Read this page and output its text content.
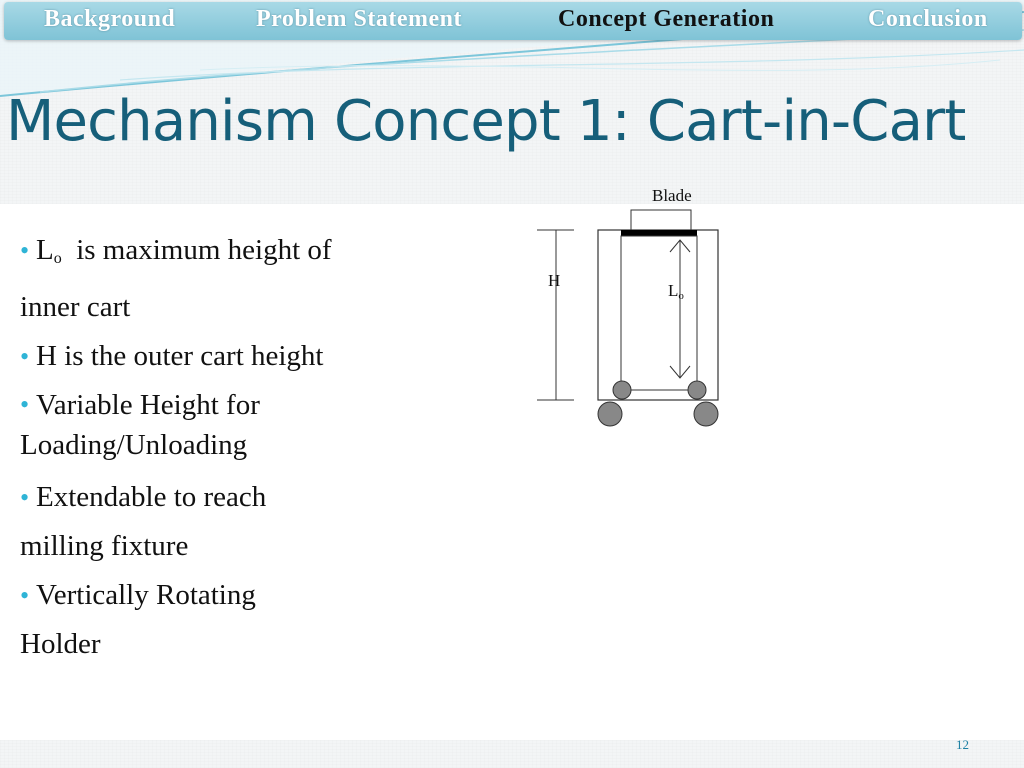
Background	Problem Statement	Concept Generation	Conclusion
Mechanism Concept 1: Cart-in-Cart
• $L_o$  is maximum height of
inner cart
• H is the outer cart height
• Variable Height for
Loading/Unloading
• Extendable to reach
milling fixture
• Vertically Rotating
Holder
Blade
H
Lo
12
